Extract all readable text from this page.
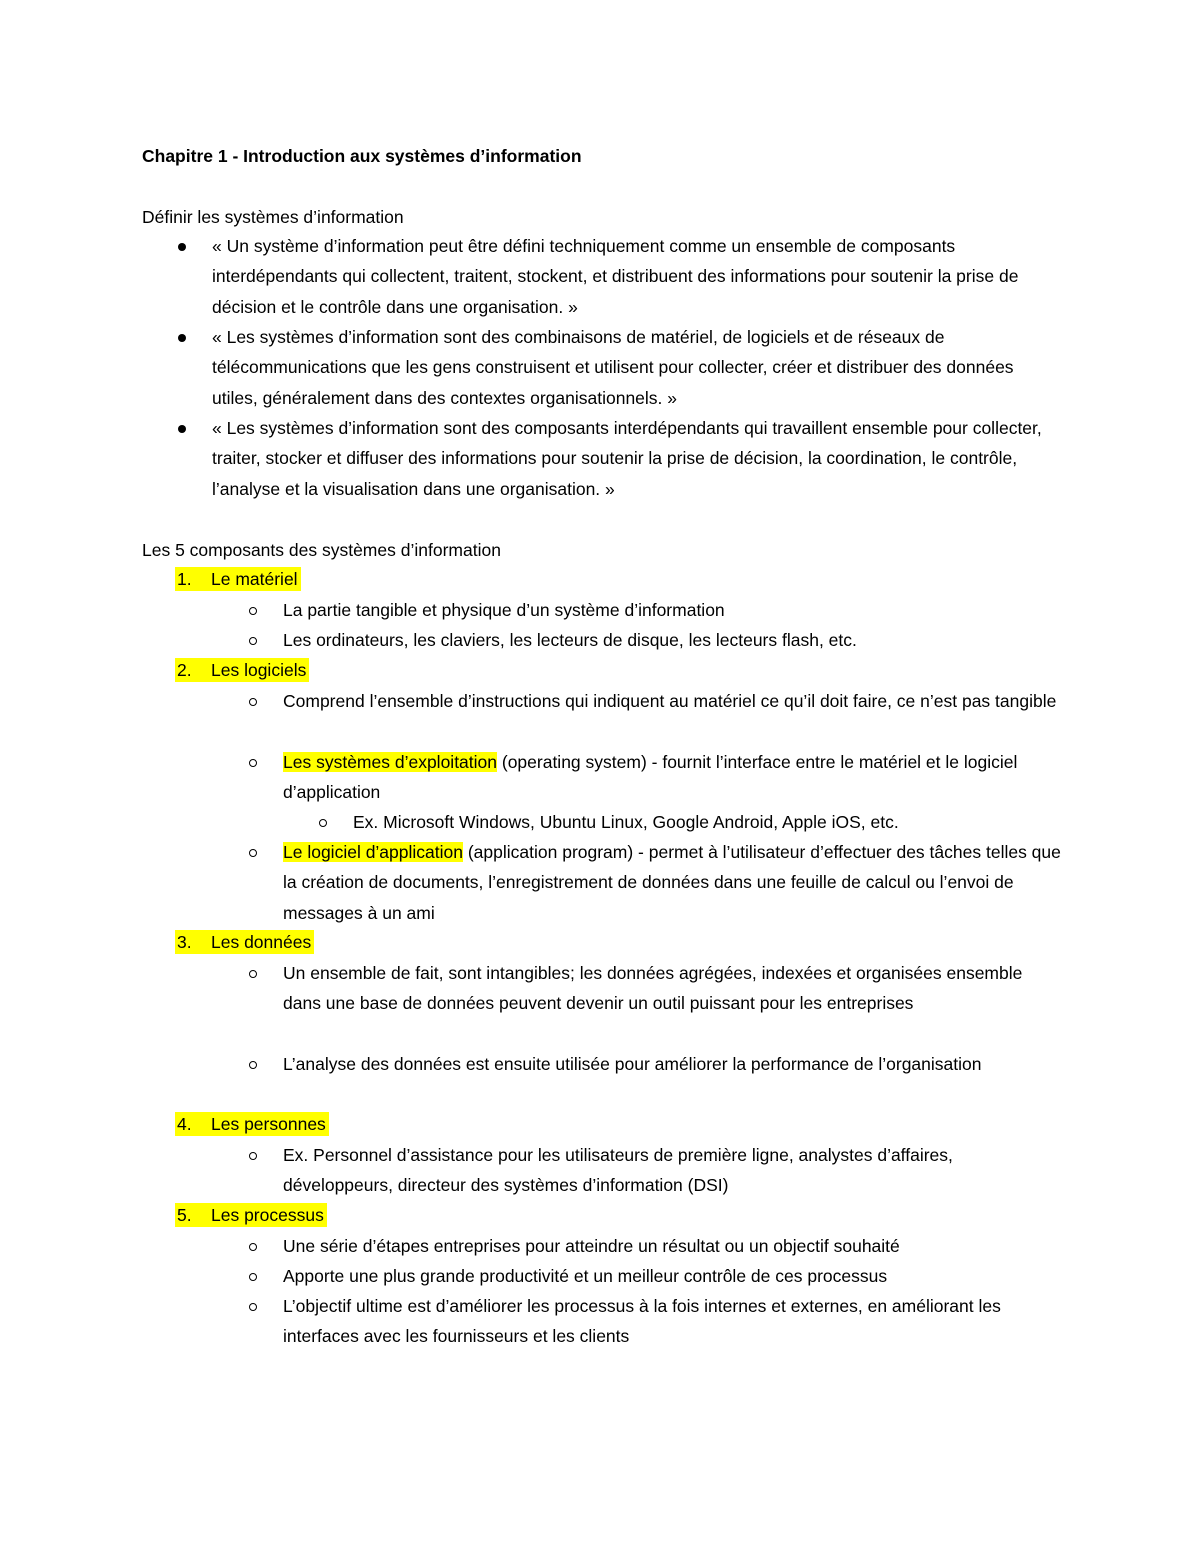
Chapitre 1 - Introduction aux systèmes d’information
Définir les systèmes d’information
« Un système d’information peut être défini techniquement comme un ensemble de composants interdépendants qui collectent, traitent, stockent, et distribuent des informations pour soutenir la prise de décision et le contrôle dans une organisation. »
« Les systèmes d’information sont des combinaisons de matériel, de logiciels et de réseaux de télécommunications que les gens construisent et utilisent pour collecter, créer et distribuer des données utiles, généralement dans des contextes organisationnels. »
« Les systèmes d’information sont des composants interdépendants qui travaillent ensemble pour collecter, traiter, stocker et diffuser des informations pour soutenir la prise de décision, la coordination, le contrôle, l’analyse et la visualisation dans une organisation. »
Les 5 composants des systèmes d’information
1. Le matériel
La partie tangible et physique d’un système d’information
Les ordinateurs, les claviers, les lecteurs de disque, les lecteurs flash, etc.
2. Les logiciels
Comprend l’ensemble d’instructions qui indiquent au matériel ce qu’il doit faire, ce n’est pas tangible
Les systèmes d’exploitation (operating system) - fournit l’interface entre le matériel et le logiciel d’application
Ex. Microsoft Windows, Ubuntu Linux, Google Android, Apple iOS, etc.
Le logiciel d’application (application program) - permet à l’utilisateur d’effectuer des tâches telles que la création de documents, l’enregistrement de données dans une feuille de calcul ou l’envoi de messages à un ami
3. Les données
Un ensemble de fait, sont intangibles; les données agrégées, indexées et organisées ensemble dans une base de données peuvent devenir un outil puissant pour les entreprises
L’analyse des données est ensuite utilisée pour améliorer la performance de l’organisation
4. Les personnes
Ex. Personnel d’assistance pour les utilisateurs de première ligne, analystes d’affaires, développeurs, directeur des systèmes d’information (DSI)
5. Les processus
Une série d’étapes entreprises pour atteindre un résultat ou un objectif souhaité
Apporte une plus grande productivité et un meilleur contrôle de ces processus
L’objectif ultime est d’améliorer les processus à la fois internes et externes, en améliorant les interfaces avec les fournisseurs et les clients
